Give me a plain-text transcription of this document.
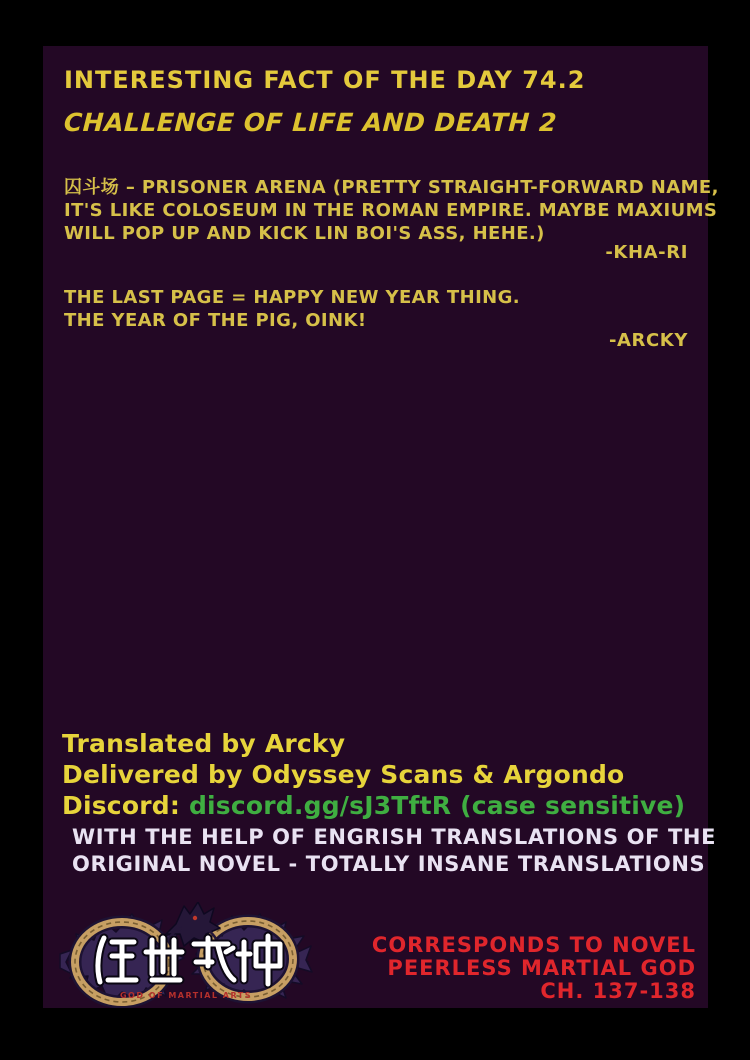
INTERESTING FACT OF THE DAY 74.2
CHALLENGE OF LIFE AND DEATH 2
囚斗场 – PRISONER ARENA (PRETTY STRAIGHT-FORWARD NAME,
IT'S LIKE COLOSEUM IN THE ROMAN EMPIRE. MAYBE MAXIUMS
WILL POP UP AND KICK LIN BOI'S ASS, HEHE.)
-KHA-RI
THE LAST PAGE = HAPPY NEW YEAR THING.
THE YEAR OF THE PIG, OINK!
-ARCKY
Translated by Arcky
Delivered by Odyssey Scans & Argondo
Discord: discord.gg/sJ3TftR (case sensitive)
WITH THE HELP OF ENGRISH TRANSLATIONS OF THE
ORIGINAL NOVEL - TOTALLY INSANE TRANSLATIONS
GOD OF MARTIAL ARTS
CORRESPONDS TO NOVEL
PEERLESS MARTIAL GOD
CH. 137-138
